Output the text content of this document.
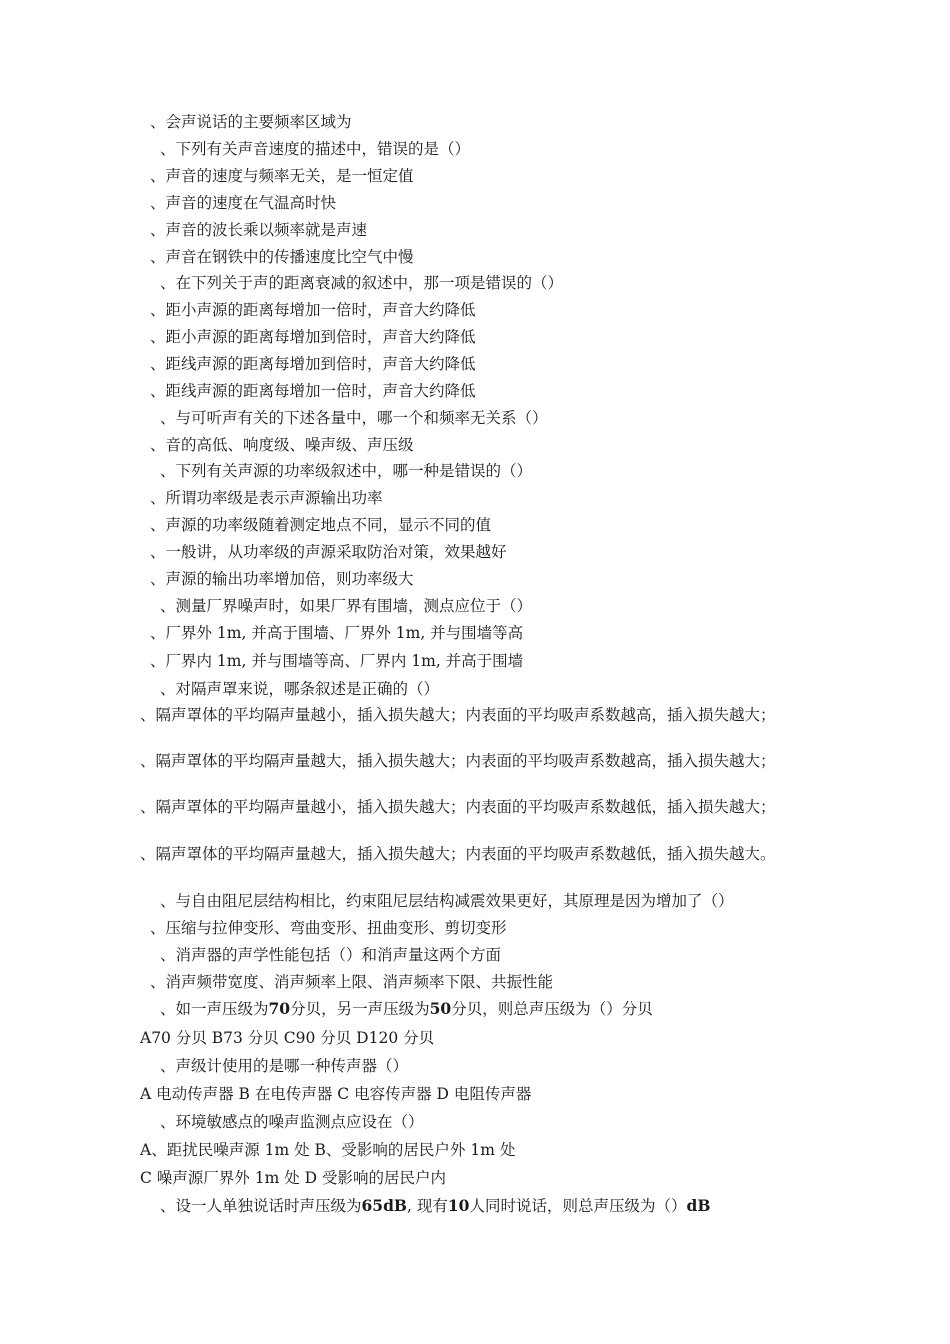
、会声说话的主要频率区域为
、下列有关声音速度的描述中，错误的是（）
、声音的速度与频率无关，是一恒定值
、声音的速度在气温高时快
、声音的波长乘以频率就是声速
、声音在钢铁中的传播速度比空气中慢
、在下列关于声的距离衰减的叙述中，那一项是错误的（）
、距小声源的距离每增加一倍时，声音大约降低
、距小声源的距离每增加到倍时，声音大约降低
、距线声源的距离每增加到倍时，声音大约降低
、距线声源的距离每增加一倍时，声音大约降低
、与可听声有关的下述各量中，哪一个和频率无关系（）
、音的高低、响度级、噪声级、声压级
、下列有关声源的功率级叙述中，哪一种是错误的（）
、所谓功率级是表示声源输出功率
、声源的功率级随着测定地点不同，显示不同的值
、一般讲，从功率级的声源采取防治对策，效果越好
、声源的输出功率增加倍，则功率级大
、测量厂界噪声时，如果厂界有围墙，测点应位于（）
、厂界外 1m, 并高于围墙、厂界外 1m, 并与围墙等高
、厂界内 1m, 并与围墙等高、厂界内 1m, 并高于围墙
、对隔声罩来说，哪条叙述是正确的（）
、隔声罩体的平均隔声量越小，插入损失越大；内表面的平均吸声系数越高，插入损失越大；
、隔声罩体的平均隔声量越大，插入损失越大；内表面的平均吸声系数越高，插入损失越大；
、隔声罩体的平均隔声量越小，插入损失越大；内表面的平均吸声系数越低，插入损失越大；
、隔声罩体的平均隔声量越大，插入损失越大；内表面的平均吸声系数越低，插入损失越大。
、与自由阻尼层结构相比，约束阻尼层结构减震效果更好，其原理是因为增加了（）
、压缩与拉伸变形、弯曲变形、扭曲变形、剪切变形
、消声器的声学性能包括（）和消声量这两个方面
、消声频带宽度、消声频率上限、消声频率下限、共振性能
、如一声压级为70分贝，另一声压级为50分贝，则总声压级为（）分贝
A70 分贝 B73 分贝 C90 分贝 D120 分贝
、声级计使用的是哪一种传声器（）
A 电动传声器 B 在电传声器 C 电容传声器 D 电阻传声器
、环境敏感点的噪声监测点应设在（）
A、距扰民噪声源 1m 处 B、受影响的居民户外 1m 处
C 噪声源厂界外 1m 处 D 受影响的居民户内
、设一人单独说话时声压级为65dB, 现有10人同时说话，则总声压级为（）dB
